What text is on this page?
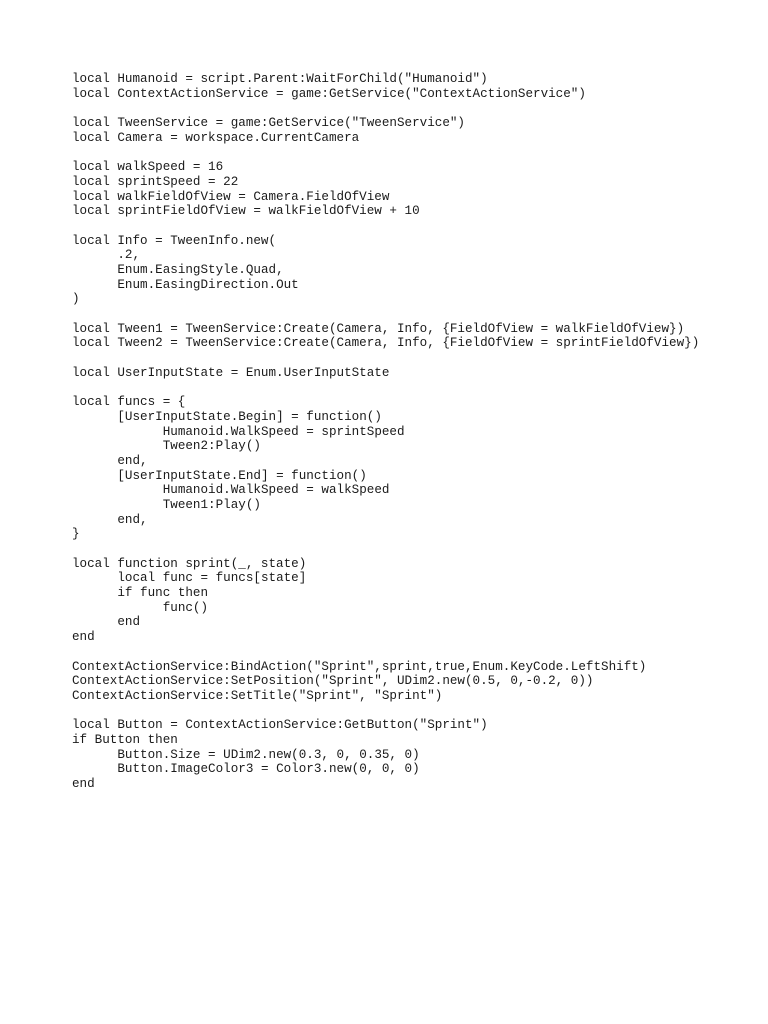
local Humanoid = script.Parent:WaitForChild("Humanoid")
local ContextActionService = game:GetService("ContextActionService")
local TweenService = game:GetService("TweenService")
local Camera = workspace.CurrentCamera
local walkSpeed = 16
local sprintSpeed = 22
local walkFieldOfView = Camera.FieldOfView
local sprintFieldOfView = walkFieldOfView + 10
local Info = TweenInfo.new(
	.2,
	Enum.EasingStyle.Quad,
	Enum.EasingDirection.Out
)
local Tween1 = TweenService:Create(Camera, Info, {FieldOfView = walkFieldOfView})
local Tween2 = TweenService:Create(Camera, Info, {FieldOfView = sprintFieldOfView})
local UserInputState = Enum.UserInputState
local funcs = {
	[UserInputState.Begin] = function()
		Humanoid.WalkSpeed = sprintSpeed
		Tween2:Play()
	end,
	[UserInputState.End] = function()
		Humanoid.WalkSpeed = walkSpeed
		Tween1:Play()
	end,
}
local function sprint(_, state)
	local func = funcs[state]
	if func then
		func()
	end
end
ContextActionService:BindAction("Sprint",sprint,true,Enum.KeyCode.LeftShift)
ContextActionService:SetPosition("Sprint", UDim2.new(0.5, 0,-0.2, 0))
ContextActionService:SetTitle("Sprint", "Sprint")
local Button = ContextActionService:GetButton("Sprint")
if Button then
	Button.Size = UDim2.new(0.3, 0, 0.35, 0)
	Button.ImageColor3 = Color3.new(0, 0, 0)
end
